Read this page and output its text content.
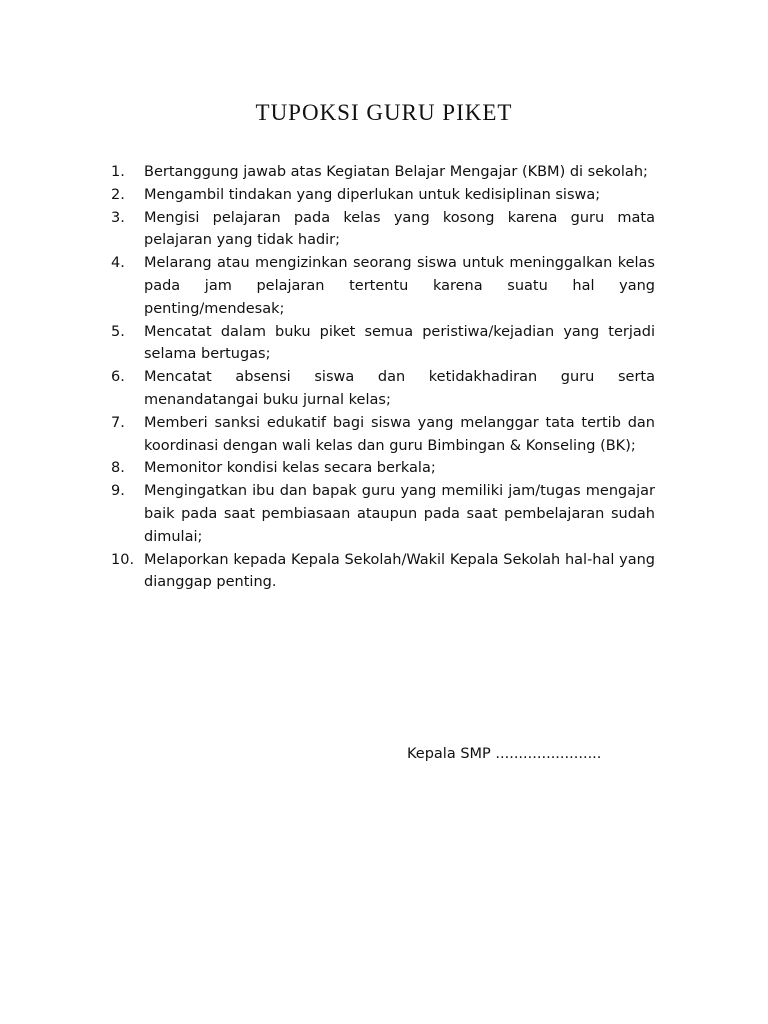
TUPOKSI GURU PIKET
1.	Bertanggung jawab atas Kegiatan Belajar Mengajar (KBM) di sekolah;
2.	Mengambil tindakan yang diperlukan untuk kedisiplinan siswa;
3.	Mengisi pelajaran pada kelas yang kosong karena guru mata pelajaran yang tidak hadir;
4.	Melarang atau mengizinkan seorang siswa untuk meninggalkan kelas pada jam pelajaran tertentu karena suatu hal yang penting/mendesak;
5.	Mencatat dalam buku piket semua peristiwa/kejadian yang terjadi selama bertugas;
6.	Mencatat absensi siswa dan ketidakhadiran guru serta menandatangai buku jurnal kelas;
7.	Memberi sanksi edukatif bagi siswa yang melanggar tata tertib dan koordinasi dengan wali kelas dan guru Bimbingan & Konseling (BK);
8.	Memonitor kondisi kelas secara berkala;
9.	Mengingatkan ibu dan bapak guru yang memiliki jam/tugas mengajar baik pada saat pembiasaan ataupun pada saat pembelajaran sudah dimulai;
10. Melaporkan kepada Kepala Sekolah/Wakil Kepala Sekolah hal-hal yang dianggap penting.
Kepala SMP .......................
